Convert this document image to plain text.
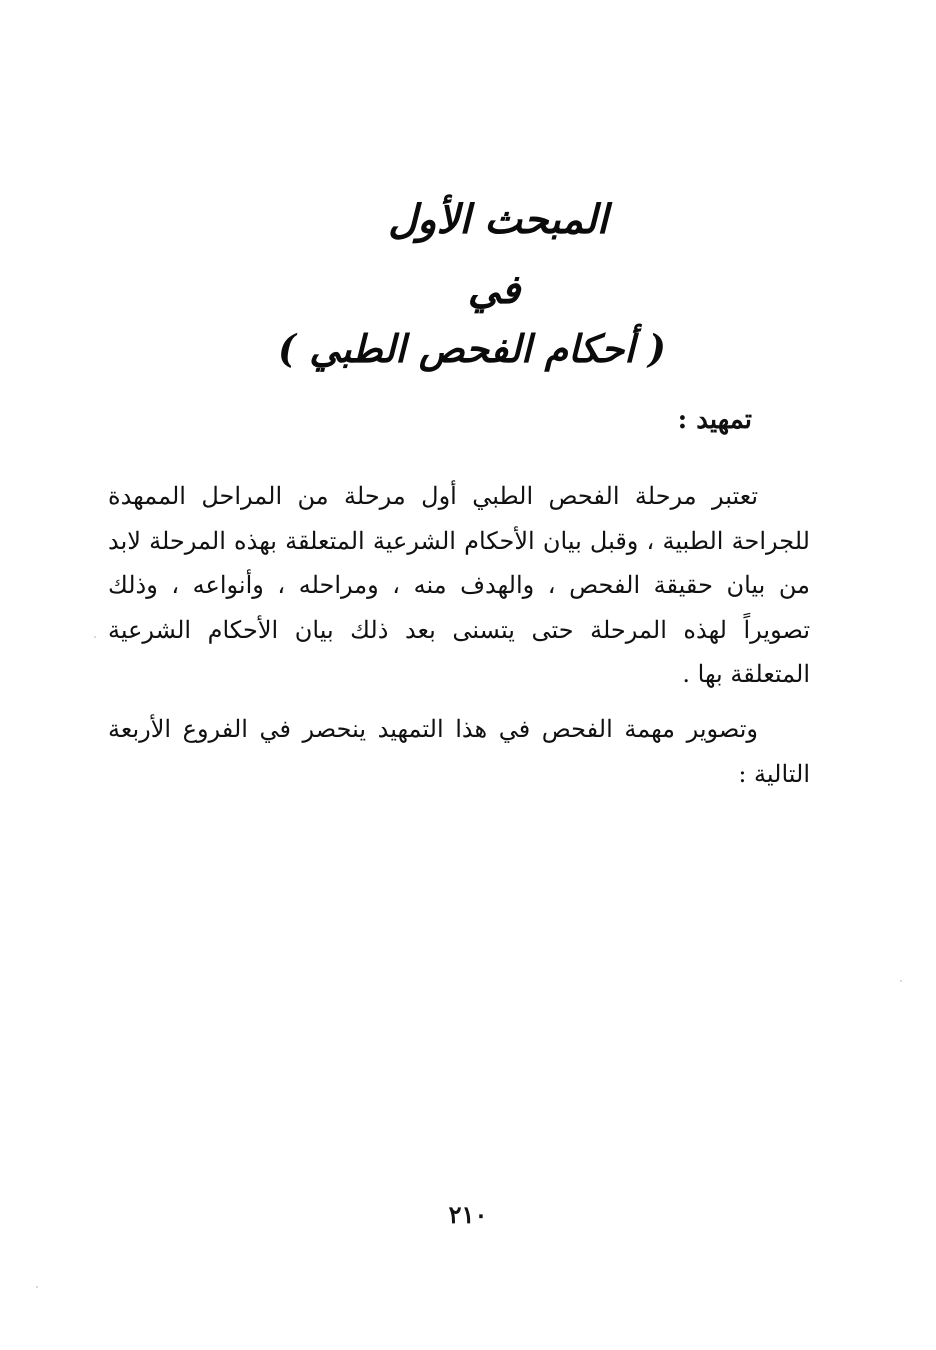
المبحث الأول
في
( أحكام الفحص الطبي )
تمهيد :
تعتبر مرحلة الفحص الطبي أول مرحلة من المراحل الممهدة للجراحة الطبية ، وقبل بيان الأحكام الشرعية المتعلقة بهذه المرحلة لابد من بيان حقيقة الفحص ، والهدف منه ، ومراحله ، وأنواعه ، وذلك تصويراً لهذه المرحلة حتى يتسنى بعد ذلك بيان الأحكام الشرعية المتعلقة بها .
وتصوير مهمة الفحص في هذا التمهيد ينحصر في الفروع الأربعة التالية :
٢١٠
